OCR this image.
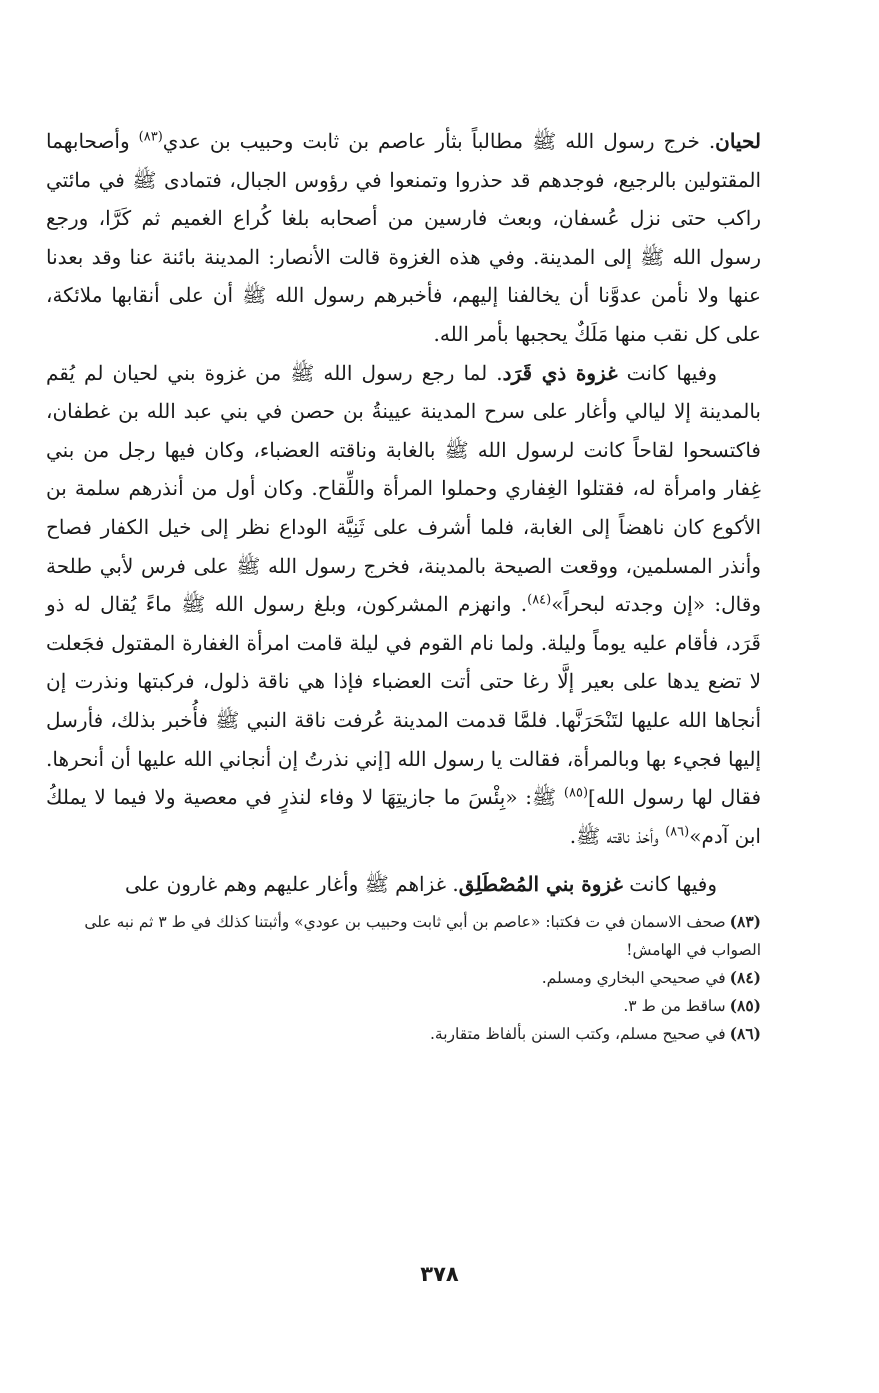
لحيان. خرج رسول الله ﷺ مطالباً بثأر عاصم بن ثابت وحبيب بن عدي$^{(٨٣)}$ وأصحابهما المقتولين بالرجيع، فوجدهم قد حذروا وتمنعوا في رؤوس الجبال، فتمادى ﷺ في مائتي راكب حتى نزل عُسفان، وبعث فارسين من أصحابه بلغا كُراع الغميم ثم كَرَّا، ورجع رسول الله ﷺ إلى المدينة. وفي هذه الغزوة قالت الأنصار: المدينة بائنة عنا وقد بعدنا عنها ولا نأمن عدوَّنا أن يخالفنا إليهم، فأخبرهم رسول الله ﷺ أن على أنقابها ملائكة، على كل نقب منها مَلَكٌ يحجبها بأمر الله.

وفيها كانت غزوة ذي قَرَد. لما رجع رسول الله ﷺ من غزوة بني لحيان لم يُقم بالمدينة إلا ليالي وأغار على سرح المدينة عيينةُ بن حصن في بني عبد الله بن غطفان، فاكتسحوا لقاحاً كانت لرسول الله ﷺ بالغابة وناقته العضباء، وكان فيها رجل من بني غِفار وامرأة له، فقتلوا الغِفاري وحملوا المرأة واللِّقاح. وكان أول من أنذرهم سلمة بن الأكوع كان ناهضاً إلى الغابة، فلما أشرف على ثَنِيَّة الوداع نظر إلى خيل الكفار فصاح وأنذر المسلمين، ووقعت الصيحة بالمدينة، فخرج رسول الله ﷺ على فرس لأبي طلحة وقال: «إن وجدته لبحراً»$^{(٨٤)}$. وانهزم المشركون، وبلغ رسول الله ﷺ ماءً يُقال له ذو قَرَد، فأقام عليه يوماً وليلة. ولما نام القوم في ليلة قامت امرأة الغفارة المقتول فجَعلت لا تضع يدها على بعير إلَّا رغا حتى أتت العضباء فإذا هي ناقة ذلول، فركبتها ونذرت إن أنجاها الله عليها لتَنْحَرَنَّها. فلمَّا قدمت المدينة عُرفت ناقة النبي ﷺ فأُخبر بذلك، فأرسل إليها فجيء بها وبالمرأة، فقالت يا رسول الله [إني نذرتُ إن أنجاني الله عليها أن أنحرها. فقال لها رسول الله]$^{(٨٥)}$ ﷺ: «بِئْسَ ما جازيتِهَا لا وفاء لنذرٍ في معصية ولا فيما لا يملكُ ابن آدم»$^{(٨٦)}$ وأخذ ناقته ﷺ.

وفيها كانت غزوة بني المُصْطَلِق. غزاهم ﷺ وأغار عليهم وهم غارون على

(٨٣)صحف الاسمان في ت فكتبا: «عاصم بن أبي ثابت وحبيب بن عودي» وأثبتنا كذلك في ط ٣ ثم نبه على الصواب في الهامش!

(٨٤)في صحيحي البخاري ومسلم.

(٨٥)ساقط من ط ٣.

(٨٦)في صحيح مسلم، وكتب السنن بألفاظ متقاربة.

٣٧٨
